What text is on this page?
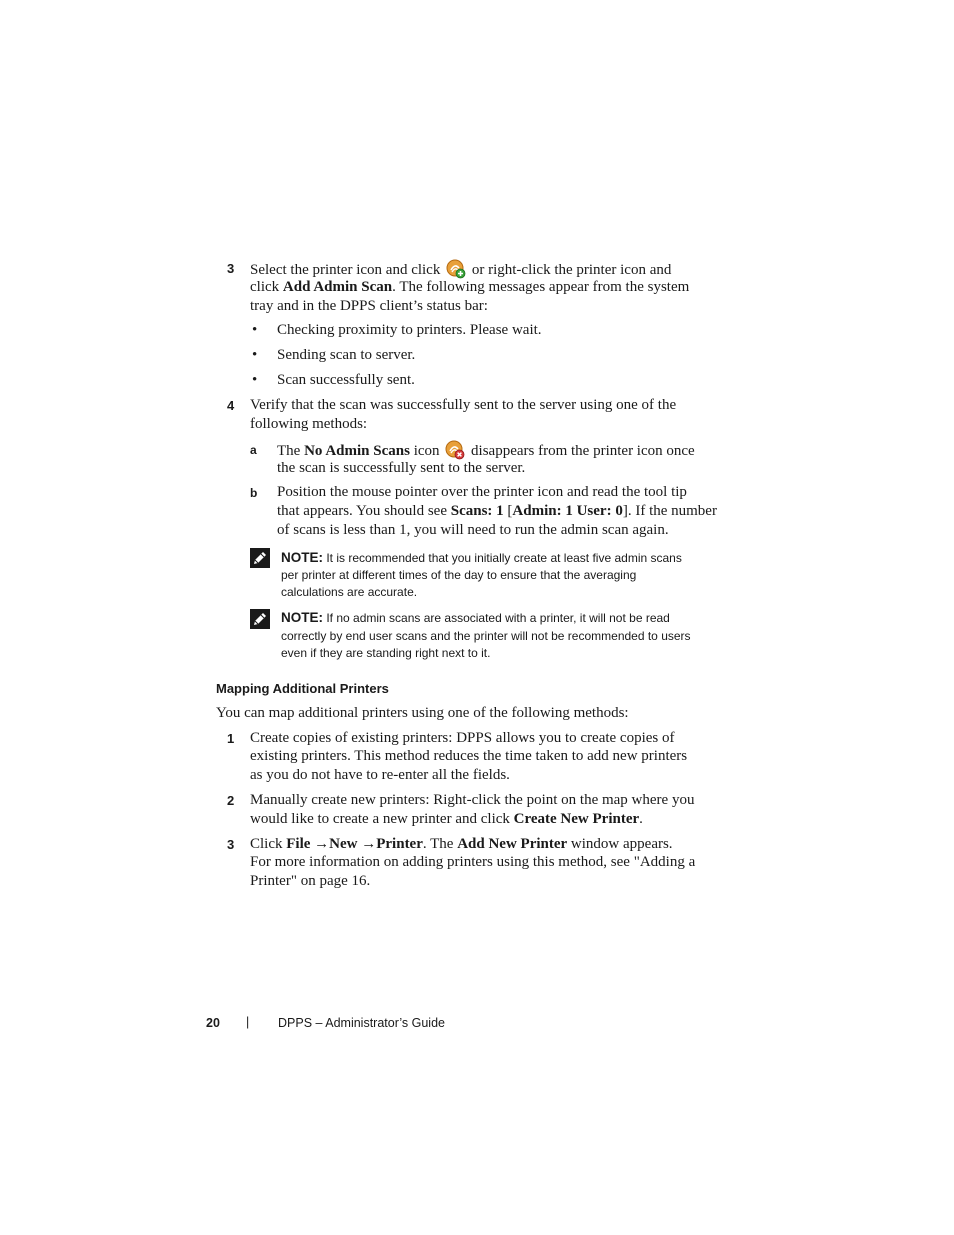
3 Select the printer icon and click or right-click the printer icon and
click Add Admin Scan. The following messages appear from the system
tray and in the DPPS client’s status bar:
• Checking proximity to printers. Please wait.
• Sending scan to server.
• Scan successfully sent.
4 Verify that the scan was successfully sent to the server using one of the
following methods:
a The No Admin Scans icon disappears from the printer icon once
the scan is successfully sent to the server.
b Position the mouse pointer over the printer icon and read the tool tip
that appears. You should see Scans: 1 [Admin: 1 User: 0]. If the number
of scans is less than 1, you will need to run the admin scan again.
NOTE: It is recommended that you initially create at least five admin scans
per printer at different times of the day to ensure that the averaging
calculations are accurate.
NOTE: If no admin scans are associated with a printer, it will not be read
correctly by end user scans and the printer will not be recommended to users
even if they are standing right next to it.
Mapping Additional Printers
You can map additional printers using one of the following methods:
1 Create copies of existing printers: DPPS allows you to create copies of
existing printers. This method reduces the time taken to add new printers
as you do not have to re-enter all the fields.
2 Manually create new printers: Right-click the point on the map where you
would like to create a new printer and click Create New Printer.
3 Click File →New →Printer. The Add New Printer window appears.
For more information on adding printers using this method, see "Adding a
Printer" on page 16.
20 | DPPS – Administrator’s Guide
